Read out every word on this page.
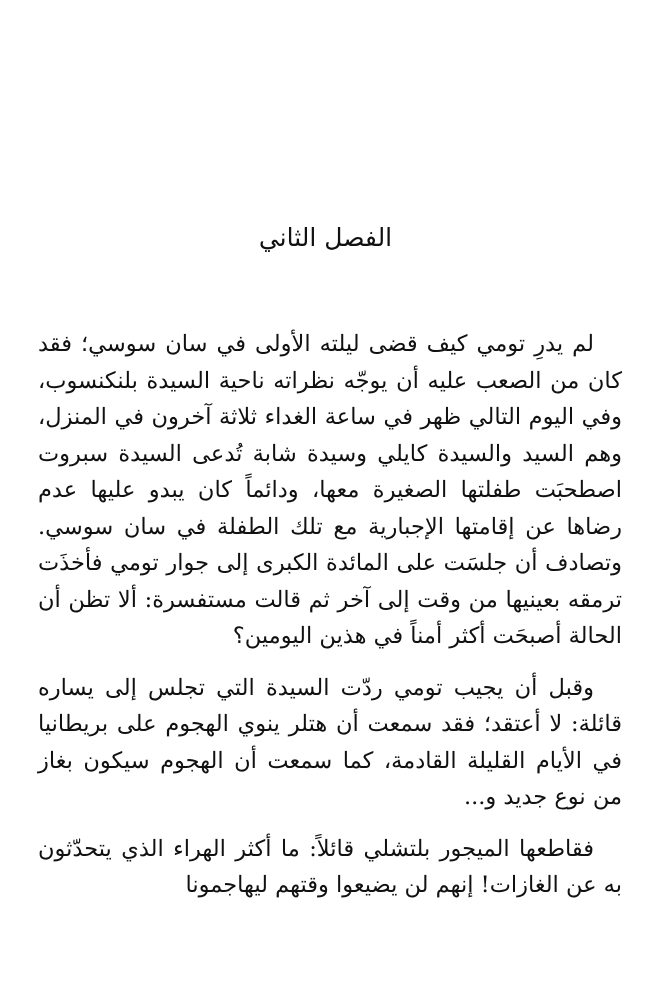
الفصل الثاني

لم يدرِ تومي كيف قضى ليلته الأولى في سان سوسي؛ فقد كان من الصعب عليه أن يوجّه نظراته ناحية السيدة بلنكنسوب، وفي اليوم التالي ظهر في ساعة الغداء ثلاثة آخرون في المنزل، وهم السيد والسيدة كايلي وسيدة شابة تُدعى السيدة سبروت اصطحبَت طفلتها الصغيرة معها، ودائماً كان يبدو عليها عدم رضاها عن إقامتها الإجبارية مع تلك الطفلة في سان سوسي. وتصادف أن جلسَت على المائدة الكبرى إلى جوار تومي فأخذَت ترمقه بعينيها من وقت إلى آخر ثم قالت مستفسرة: ألا تظن أن الحالة أصبحَت أكثر أمناً في هذين اليومين؟

وقبل أن يجيب تومي ردّت السيدة التي تجلس إلى يساره قائلة: لا أعتقد؛ فقد سمعت أن هتلر ينوي الهجوم على بريطانيا في الأيام القليلة القادمة، كما سمعت أن الهجوم سيكون بغاز من نوع جديد و...

فقاطعها الميجور بلتشلي قائلاً: ما أكثر الهراء الذي يتحدّثون به عن الغازات! إنهم لن يضيعوا وقتهم ليهاجمونا
